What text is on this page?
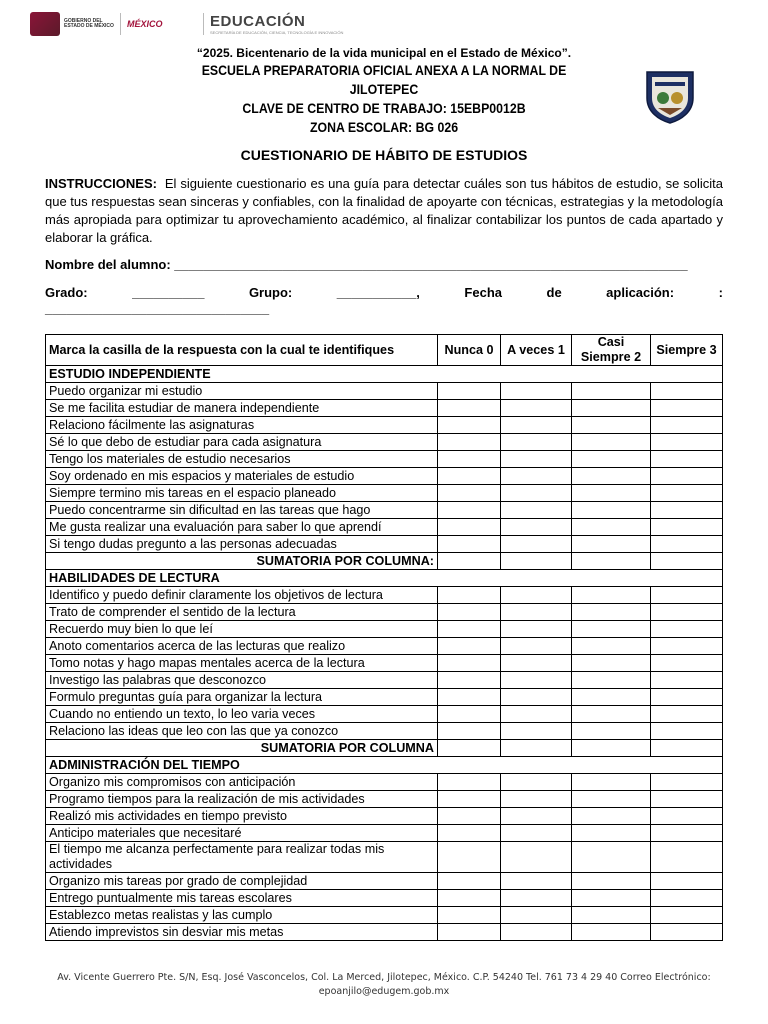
GOBIERNO DEL ESTADO DE MÉXICO MÉXICO	EDUCACIÓN
SECRETARÍA DE EDUCACIÓN, CIENCIA, TECNOLOGÍA E INNOVACIÓN
“2025. Bicentenario de la vida municipal en el Estado de México”.
ESCUELA PREPARATORIA OFICIAL ANEXA A LA NORMAL DE JILOTEPEC
CLAVE DE CENTRO DE TRABAJO: 15EBP0012B
ZONA ESCOLAR: BG 026
CUESTIONARIO DE HÁBITO DE ESTUDIOS
INSTRUCCIONES: El siguiente cuestionario es una guía para detectar cuáles son tus hábitos de estudio, se solicita que tus respuestas sean sinceras y confiables, con la finalidad de apoyarte con técnicas, estrategias y la metodología más apropiada para optimizar tu aprovechamiento académico, al finalizar contabilizar los puntos de cada apartado y elaborar la gráfica.
Nombre del alumno: _______________________________________________________________________
Grado:	__________	Grupo:	___________,	Fecha	de	aplicación:	:
_______________________________
Marca la casilla de la respuesta con la cual te identifiques	Nunca 0	A veces 1	Casi Siempre 2	Siempre 3
ESTUDIO INDEPENDIENTE				
Puedo organizar mi estudio				
Se me facilita estudiar de manera independiente				
Relaciono fácilmente las asignaturas				
Sé lo que debo de estudiar para cada asignatura				
Tengo los materiales de estudio necesarios				
Soy ordenado en mis espacios y materiales de estudio				
Siempre termino mis tareas en el espacio planeado				
Puedo concentrarme sin dificultad en las tareas que hago				
Me gusta realizar una evaluación para saber lo que aprendí				
Si tengo dudas pregunto a las personas adecuadas				
SUMATORIA POR COLUMNA:				
HABILIDADES DE LECTURA				
Identifico y puedo definir claramente los objetivos de lectura				
Trato de comprender el sentido de la lectura				
Recuerdo muy bien lo que leí				
Anoto comentarios acerca de las lecturas que realizo				
Tomo notas y hago mapas mentales acerca de la lectura				
Investigo las palabras que desconozco				
Formulo preguntas guía para organizar la lectura				
Cuando no entiendo un texto, lo leo varia veces				
Relaciono las ideas que leo con las que ya conozco				
SUMATORIA POR COLUMNA				
ADMINISTRACIÓN DEL TIEMPO				
Organizo mis compromisos con anticipación				
Programo tiempos para la realización de mis actividades				
Realizó mis actividades en tiempo previsto				
Anticipo materiales que necesitaré				
El tiempo me alcanza perfectamente para realizar todas mis actividades				
Organizo mis tareas por grado de complejidad				
Entrego puntualmente mis tareas escolares				
Establezco metas realistas y las cumplo				
Atiendo imprevistos sin desviar mis metas				
Av. Vicente Guerrero Pte. S/N, Esq. José Vasconcelos, Col. La Merced, Jilotepec, México. C.P. 54240 Tel. 761 73 4 29 40 Correo Electrónico:
epoanjilo@edugem.gob.mx
